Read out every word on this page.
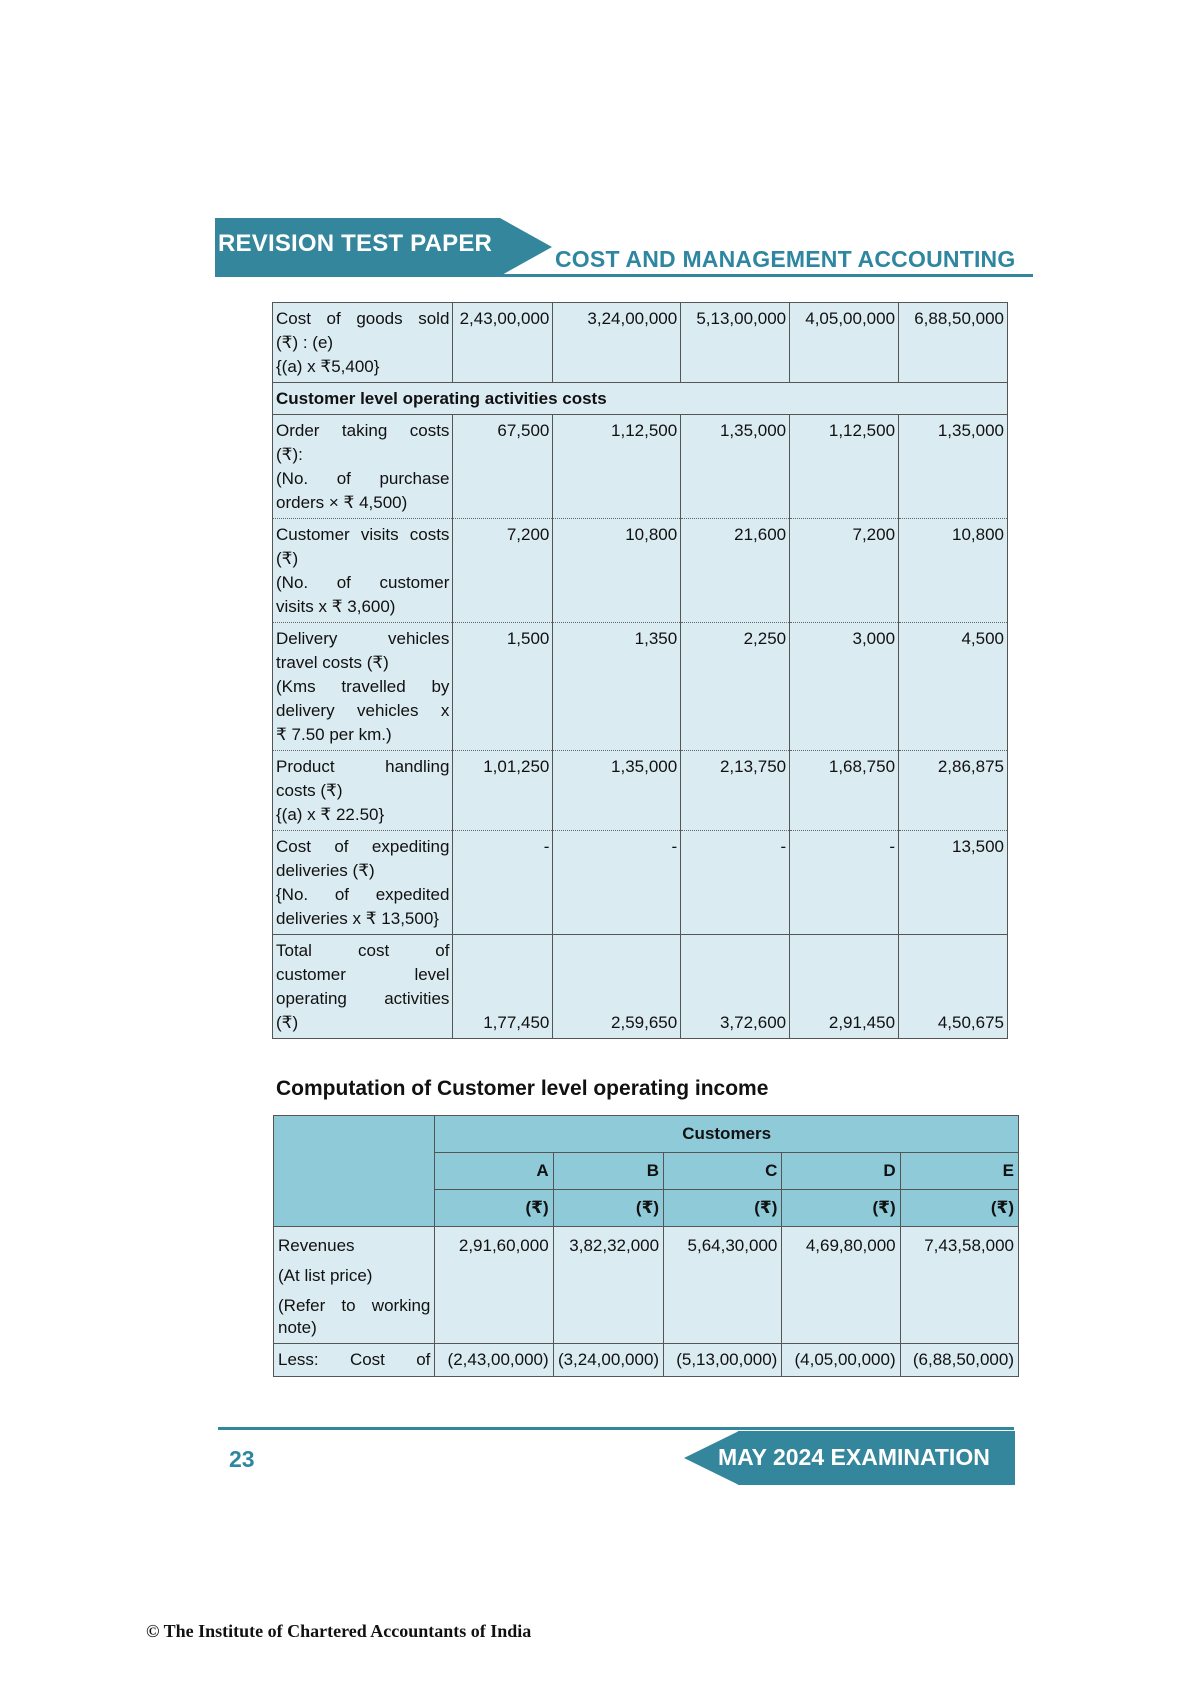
REVISION TEST PAPER
COST AND MANAGEMENT ACCOUNTING
Cost of goods sold
(₹) : (e)
{(a) x ₹5,400}	2,43,00,000	3,24,00,000	5,13,00,000	4,05,00,000	6,88,50,000
Customer level operating activities costs					

Order taking costs
(₹):
(No. of purchase
orders × ₹ 4,500)	67,500	1,12,500	1,35,000	1,12,500	1,35,000

Customer visits costs
(₹)
(No. of customer
visits x ₹ 3,600)	7,200	10,800	21,600	7,200	10,800

Delivery vehicles
travel costs (₹)
(Kms travelled by
delivery vehicles x
₹ 7.50 per km.)	1,500	1,350	2,250	3,000	4,500

Product handling
costs (₹)
{(a) x ₹ 22.50}	1,01,250	1,35,000	2,13,750	1,68,750	2,86,875

Cost of expediting
deliveries (₹)
{No. of expedited
deliveries x ₹ 13,500}	-	-	-	-	13,500

Total cost of
customer level
operating activities
(₹)	1,77,450	2,59,650	3,72,600	2,91,450	4,50,675
Computation of Customer level operating income
	Customers				
	A	B	C	D	E
	(₹)	(₹)	(₹)	(₹)	(₹)

Revenues
(At list price)
(Refer to working
note)	2,91,60,000	3,82,32,000	5,64,30,000	4,69,80,000	7,43,58,000
Less: Cost of	(2,43,00,000)	(3,24,00,000)	(5,13,00,000)	(4,05,00,000)	(6,88,50,000)
23	MAY 2024 EXAMINATION
© The Institute of Chartered Accountants of India
